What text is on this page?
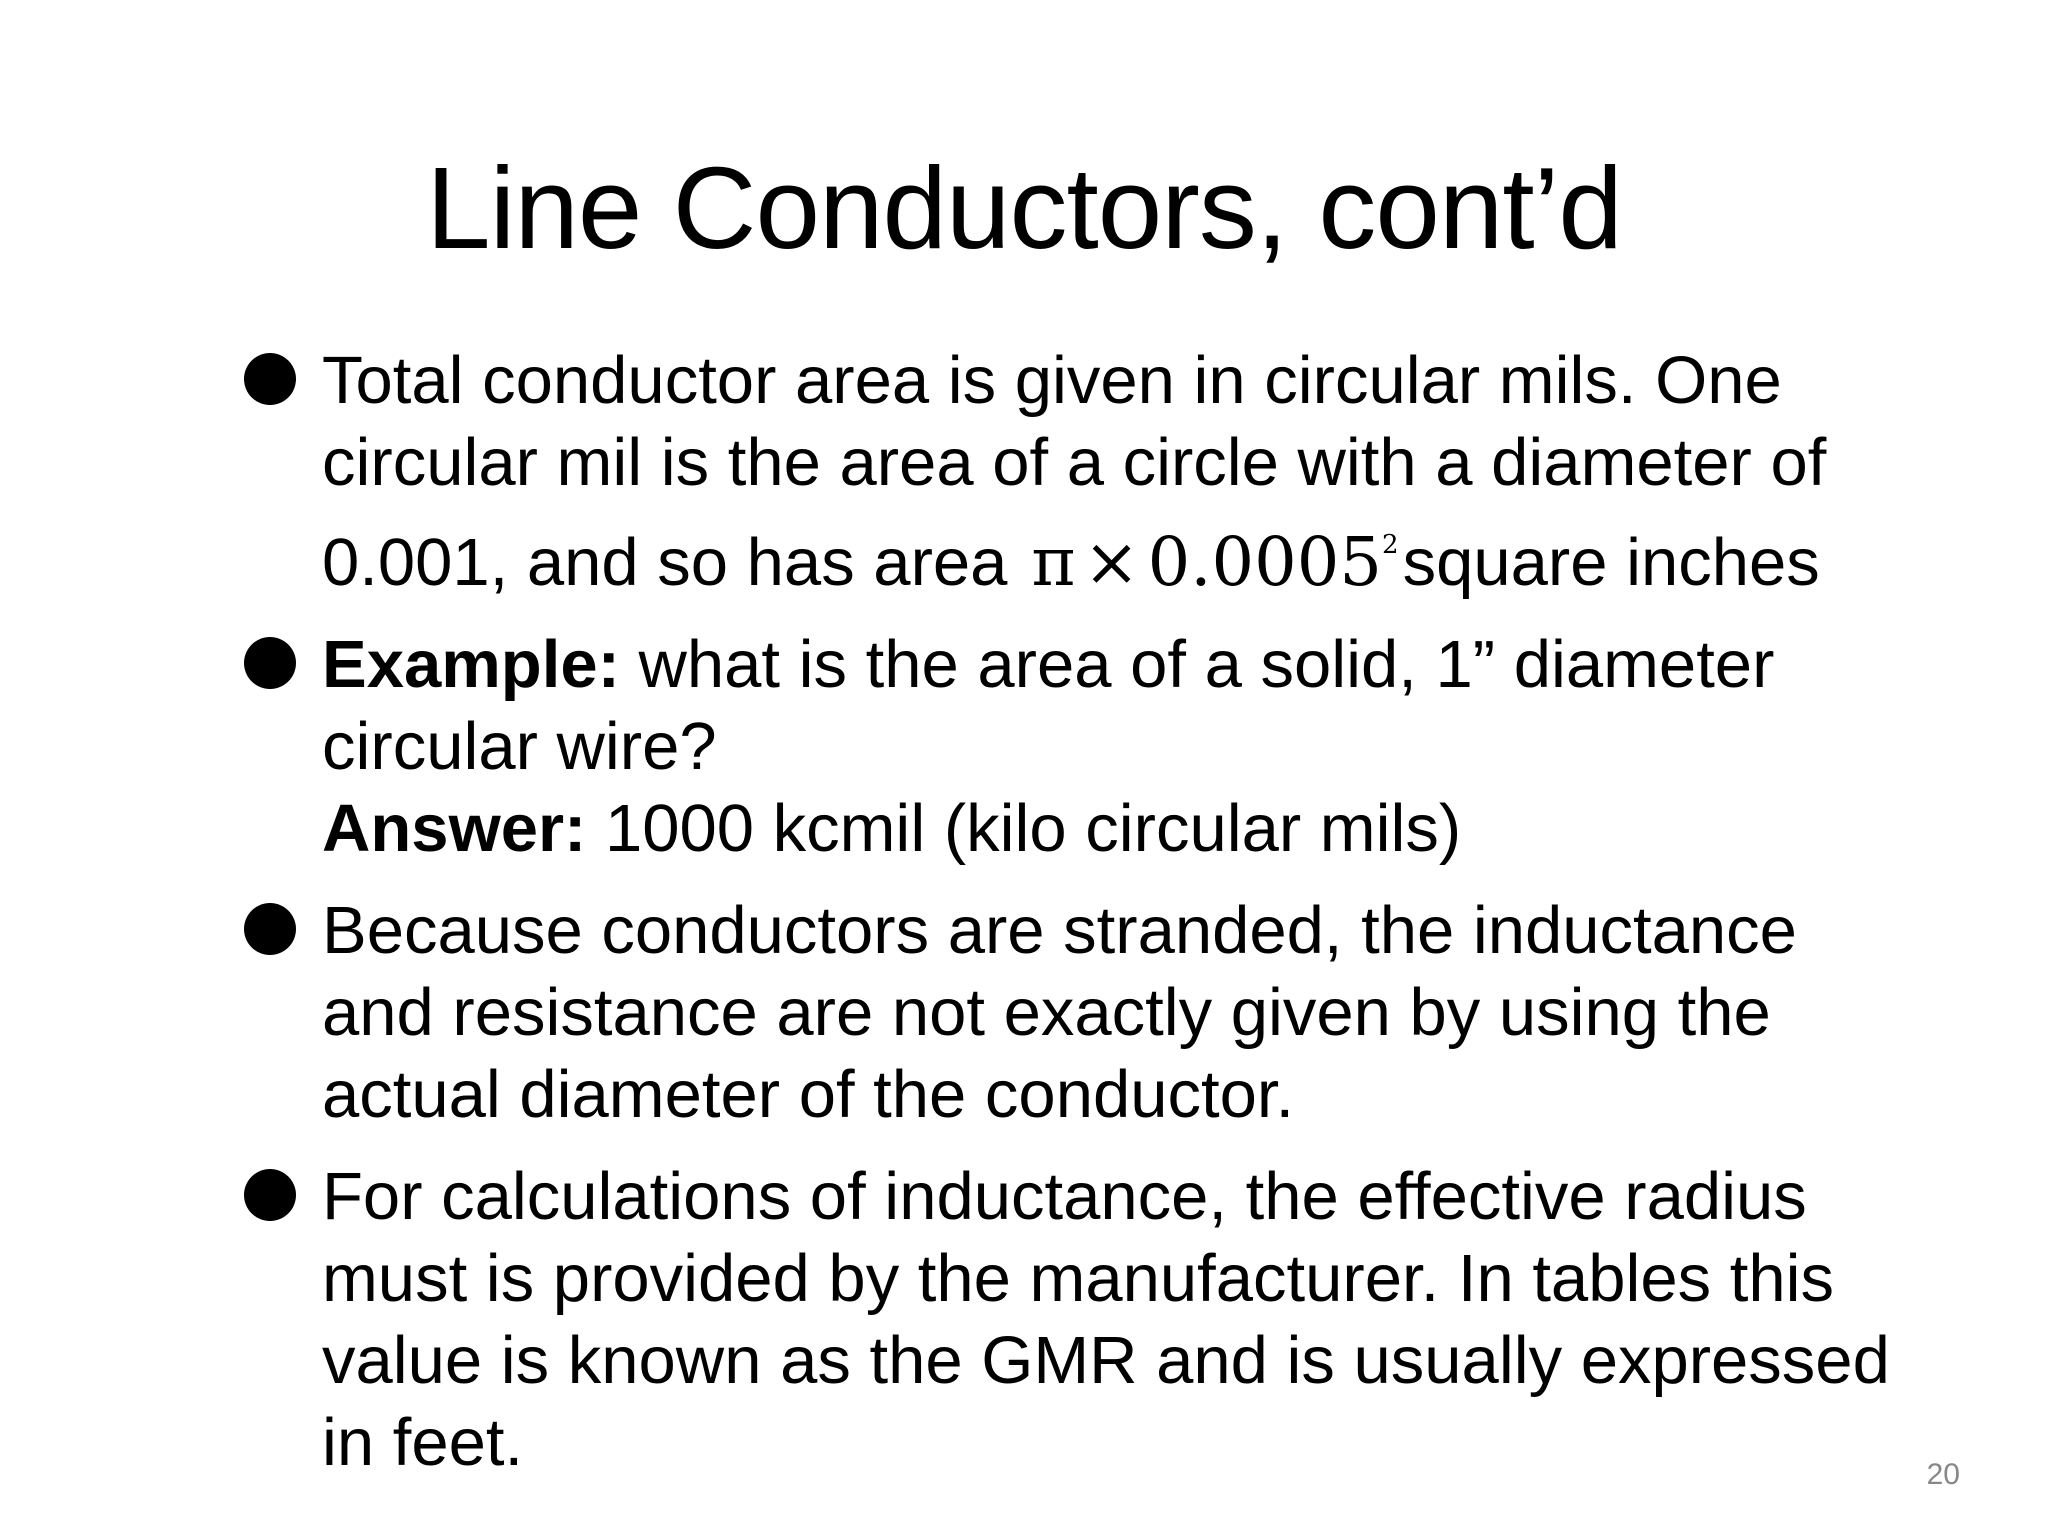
Line Conductors, cont’d
Total conductor area is given in circular mils. One
circular mil is the area of a circle with a diameter of
0.001, and so has area $\pi \times 0.0005^2square$ inches
Example: what is the area of a solid, 1” diameter
circular wire?
Answer: 1000 kcmil (kilo circular mils)
Because conductors are stranded, the inductance
and resistance are not exactly given by using the
actual diameter of the conductor.
For calculations of inductance, the effective radius
must is provided by the manufacturer. In tables this
value is known as the GMR and is usually expressed
in feet.	20
